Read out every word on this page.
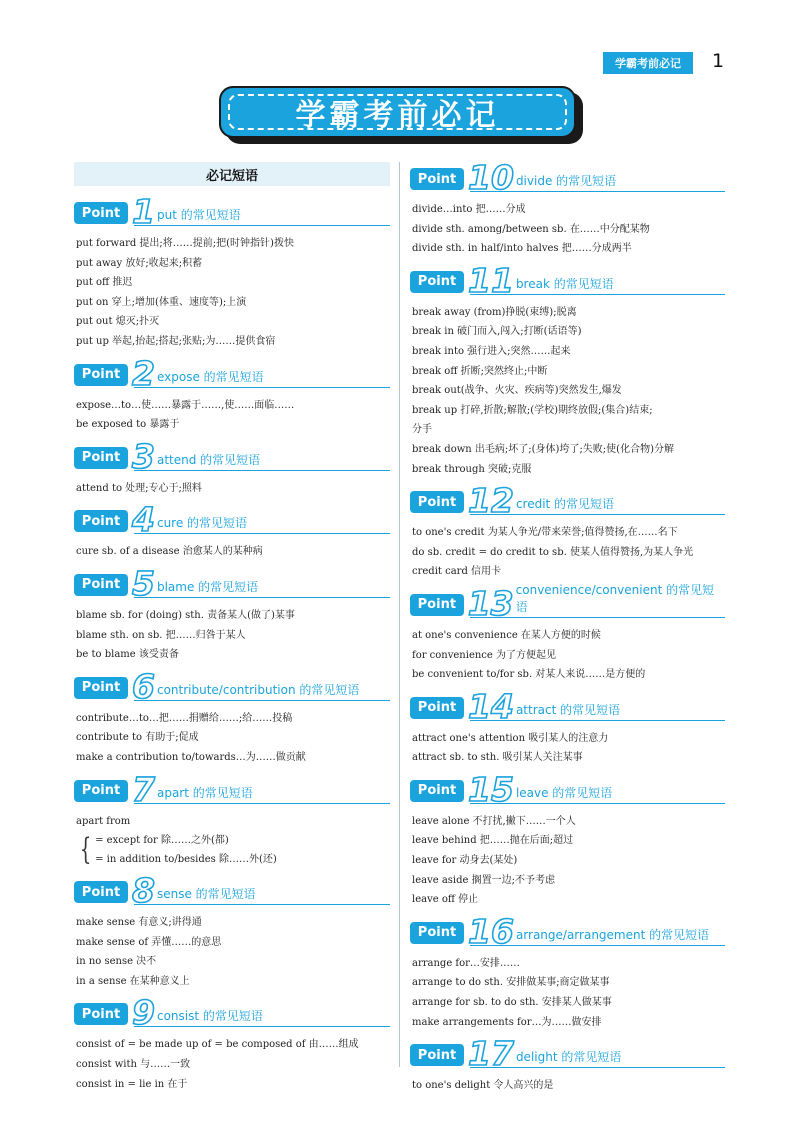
学霸考前必记	1
学霸考前必记
必记短语
Point 1 put 的常见短语
put forward 提出;将……提前;把(时钟指针)拨快
put away 放好;收起来;积蓄
put off 推迟
put on 穿上;增加(体重、速度等);上演
put out 熄灭;扑灭
put up 举起,抬起;搭起;张贴;为……提供食宿
Point 2 expose 的常见短语
expose…to…使……暴露于……,使……面临……
be exposed to 暴露于
Point 3 attend 的常见短语
attend to 处理;专心于;照料
Point 4 cure 的常见短语
cure sb. of a disease 治愈某人的某种病
Point 5 blame 的常见短语
blame sb. for (doing) sth. 责备某人(做了)某事
blame sth. on sb. 把……归咎于某人
be to blame 该受责备
Point 6 contribute/contribution 的常见短语
contribute…to…把……捐赠给……;给……投稿
contribute to 有助于;促成
make a contribution to/towards…为……做贡献
Point 7 apart 的常见短语
apart from
{ = except for 除……之外(都)
= in addition to/besides 除……外(还)
Point 8 sense 的常见短语
make sense 有意义;讲得通
make sense of 弄懂……的意思
in no sense 决不
in a sense 在某种意义上
Point 9 consist 的常见短语
consist of = be made up of = be composed of 由……组成
consist with 与……一致
consist in = lie in 在于
Point 10 divide 的常见短语
divide…into 把……分成
divide sth. among/between sb. 在……中分配某物
divide sth. in half/into halves 把……分成两半
Point 11 break 的常见短语
break away (from)挣脱(束缚);脱离
break in 破门而入,闯入;打断(话语等)
break into 强行进入;突然……起来
break off 折断;突然终止;中断
break out(战争、火灾、疾病等)突然发生,爆发
break up 打碎,折散;解散;(学校)期终放假;(集合)结束;
分手
break down 出毛病;坏了;(身体)垮了;失败;使(化合物)分解
break through 突破;克服
Point 12 credit 的常见短语
to one's credit 为某人争光/带来荣誉;值得赞扬,在……名下
do sb. credit = do credit to sb. 使某人值得赞扬,为某人争光
credit card 信用卡
Point 13 convenience/convenient 的常见短语
at one's convenience 在某人方便的时候
for convenience 为了方便起见
be convenient to/for sb. 对某人来说……是方便的
Point 14 attract 的常见短语
attract one's attention 吸引某人的注意力
attract sb. to sth. 吸引某人关注某事
Point 15 leave 的常见短语
leave alone 不打扰,撇下……一个人
leave behind 把……抛在后面;超过
leave for 动身去(某处)
leave aside 搁置一边;不予考虑
leave off 停止
Point 16 arrange/arrangement 的常见短语
arrange for…安排……
arrange to do sth. 安排做某事;商定做某事
arrange for sb. to do sth. 安排某人做某事
make arrangements for…为……做安排
Point 17 delight 的常见短语
to one's delight 令人高兴的是
